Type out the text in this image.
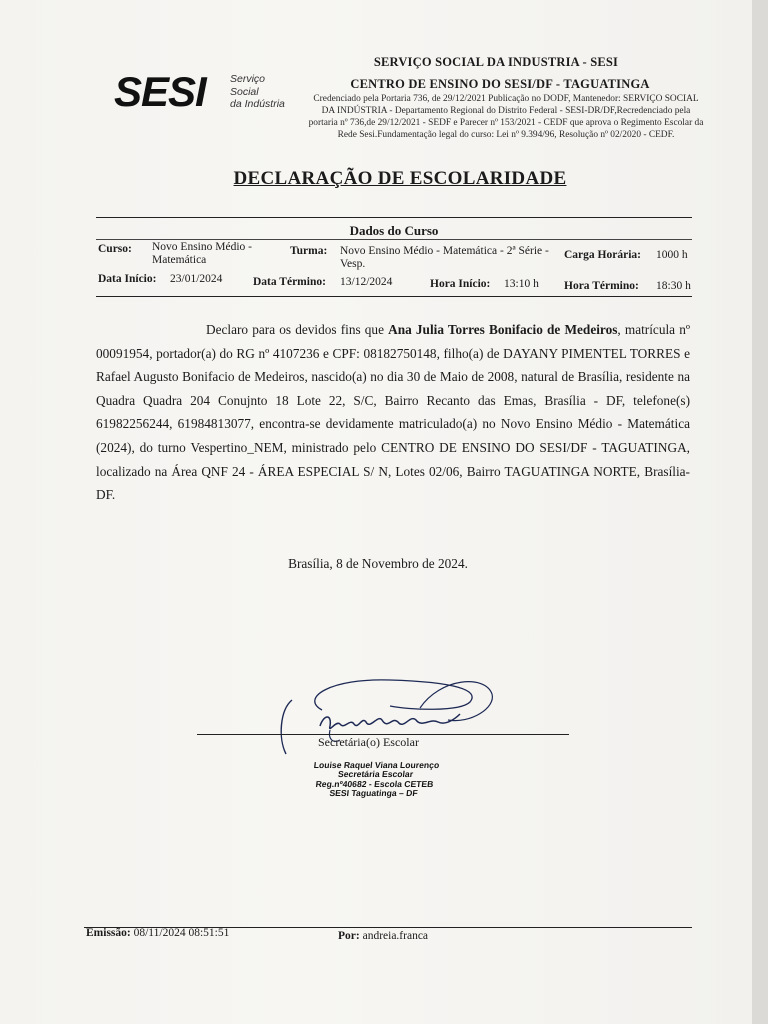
SESI Serviço
Social
da Indústria
SERVIÇO SOCIAL DA INDUSTRIA - SESI
CENTRO DE ENSINO DO SESI/DF - TAGUATINGA
Credenciado pela Portaria 736, de 29/12/2021 Publicação no DODF, Mantenedor: SERVIÇO SOCIAL DA INDÚSTRIA - Departamento Regional do Distrito Federal - SESI-DR/DF,Recredenciado pela portaria nº 736,de 29/12/2021 - SEDF e Parecer nº 153/2021 - CEDF que aprova o Regimento Escolar da Rede Sesi.Fundamentação legal do curso: Lei nº 9.394/96, Resolução nº 02/2020 - CEDF.
DECLARAÇÃO DE ESCOLARIDADE
Dados do Curso
Curso: Novo Ensino Médio - Matemática
Turma: Novo Ensino Médio - Matemática - 2ª Série - Vesp.
Carga Horária: 1000 h
Data Início: 23/01/2024	Data Término: 13/12/2024	Hora Início: 13:10 h Hora Término: 18:30 h
Declaro para os devidos fins que Ana Julia Torres Bonifacio de Medeiros, matrícula nº 00091954, portador(a) do RG nº 4107236 e CPF: 08182750148, filho(a) de DAYANY PIMENTEL TORRES e Rafael Augusto Bonifacio de Medeiros, nascido(a) no dia 30 de Maio de 2008, natural de Brasília, residente na Quadra Quadra 204 Conujnto 18 Lote 22, S/C, Bairro Recanto das Emas, Brasília - DF, telefone(s) 61982256244, 61984813077, encontra-se devidamente matriculado(a) no Novo Ensino Médio - Matemática (2024), do turno Vespertino_NEM, ministrado pelo CENTRO DE ENSINO DO SESI/DF - TAGUATINGA, localizado na Área QNF 24 - ÁREA ESPECIAL S/ N, Lotes 02/06, Bairro TAGUATINGA NORTE, Brasília-DF.
Brasília, 8 de Novembro de 2024.
Secretária(o) Escolar
Louise Raquel Viana Lourenço
Secretária Escolar
Reg.nº40682 - Escola CETEB
SESI Taguatinga – DF
Emissão: 08/11/2024 08:51:51	Por: andreia.franca
